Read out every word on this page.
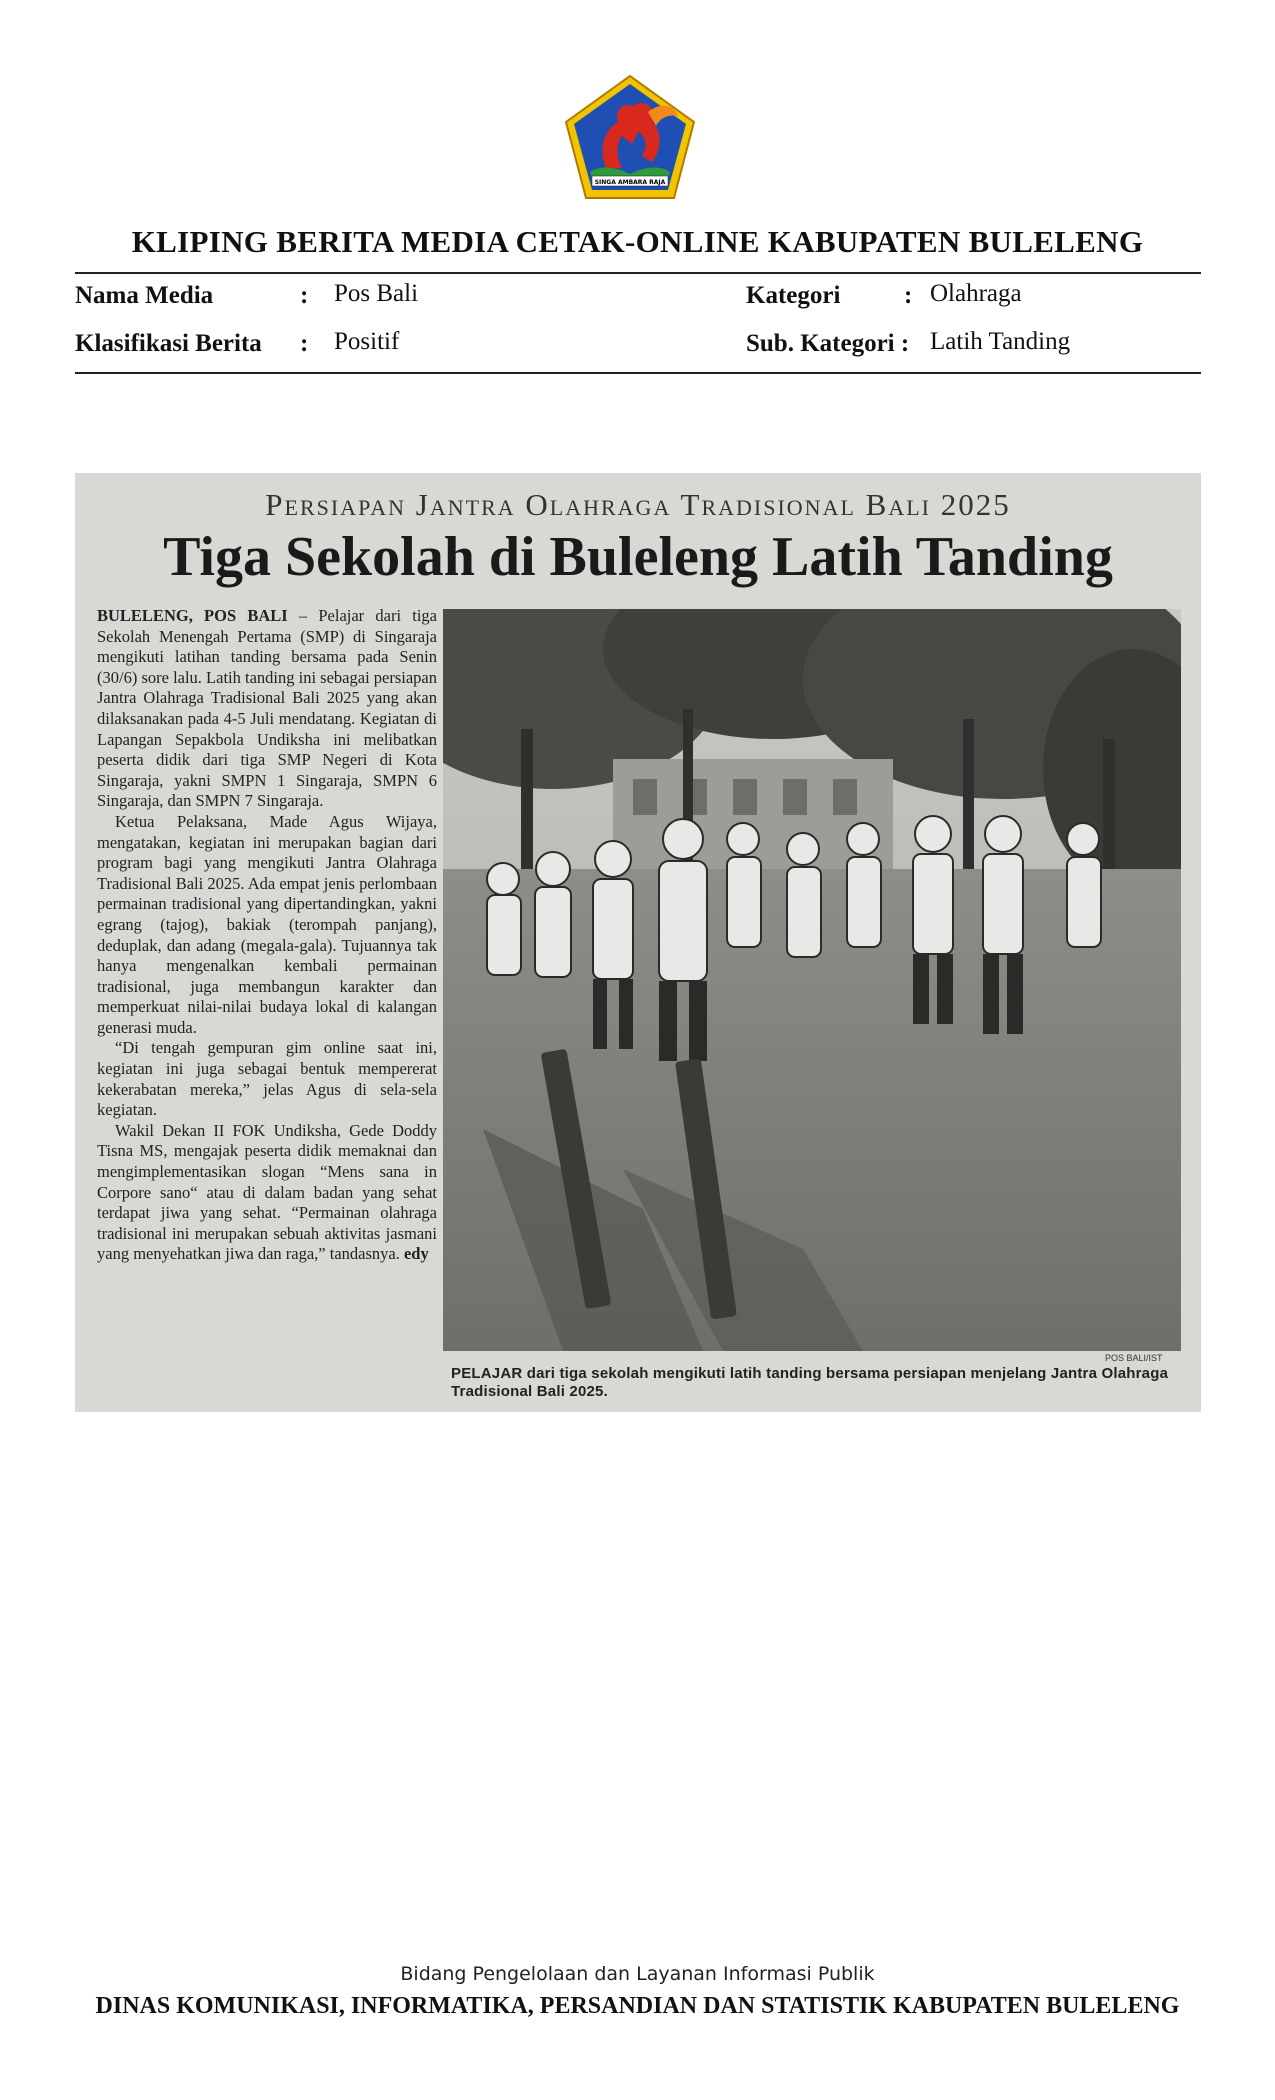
SINGA AMBARA RAJA
KLIPING BERITA MEDIA CETAK-ONLINE KABUPATEN BULELENG
Nama Media	: Pos Bali
Klasifikasi Berita : Positif
Kategori	: Olahraga
Sub. Kategori : Latih Tanding
Persiapan Jantra Olahraga Tradisional Bali 2025
Tiga Sekolah di Buleleng Latih Tanding

BULELENG, POS BALI – Pelajar dari tiga Sekolah Menengah Pertama (SMP) di Singaraja mengikuti latihan tanding bersama pada Senin (30/6) sore lalu. Latih tanding ini sebagai persiapan Jantra Olahraga Tradisional Bali 2025 yang akan dilaksanakan pada 4-5 Juli mendatang. Kegiatan di Lapangan Sepakbola Undiksha ini melibatkan peserta didik dari tiga SMP Negeri di Kota Singaraja, yakni SMPN 1 Singaraja, SMPN 6 Singaraja, dan SMPN 7 Singaraja.

Ketua Pelaksana, Made Agus Wijaya, mengatakan, kegiatan ini merupakan bagian dari program bagi yang mengikuti Jantra Olahraga Tradisional Bali 2025. Ada empat jenis perlombaan permainan tradisional yang dipertandingkan, yakni egrang (tajog), bakiak (terompah panjang), deduplak, dan adang (megala-gala). Tujuannya tak hanya mengenalkan kembali permainan tradisional, juga membangun karakter dan memperkuat nilai-nilai budaya lokal di kalangan generasi muda.

“Di tengah gempuran gim online saat ini, kegiatan ini juga sebagai bentuk mempererat kekerabatan mereka,” jelas Agus di sela-sela kegiatan.

Wakil Dekan II FOK Undiksha, Gede Doddy Tisna MS, mengajak peserta didik memaknai dan mengimplementasikan slogan “Mens sana in Corpore sano“ atau di dalam badan yang sehat terdapat jiwa yang sehat. “Permainan olahraga tradisional ini merupakan sebuah aktivitas jasmani yang menyehatkan jiwa dan raga,” tandasnya. edy

POS BALI/IST
PELAJAR dari tiga sekolah mengikuti latih tanding bersama persiapan menjelang Jantra Olahraga Tradisional Bali 2025.
Bidang Pengelolaan dan Layanan Informasi Publik
DINAS KOMUNIKASI, INFORMATIKA, PERSANDIAN DAN STATISTIK KABUPATEN BULELENG
